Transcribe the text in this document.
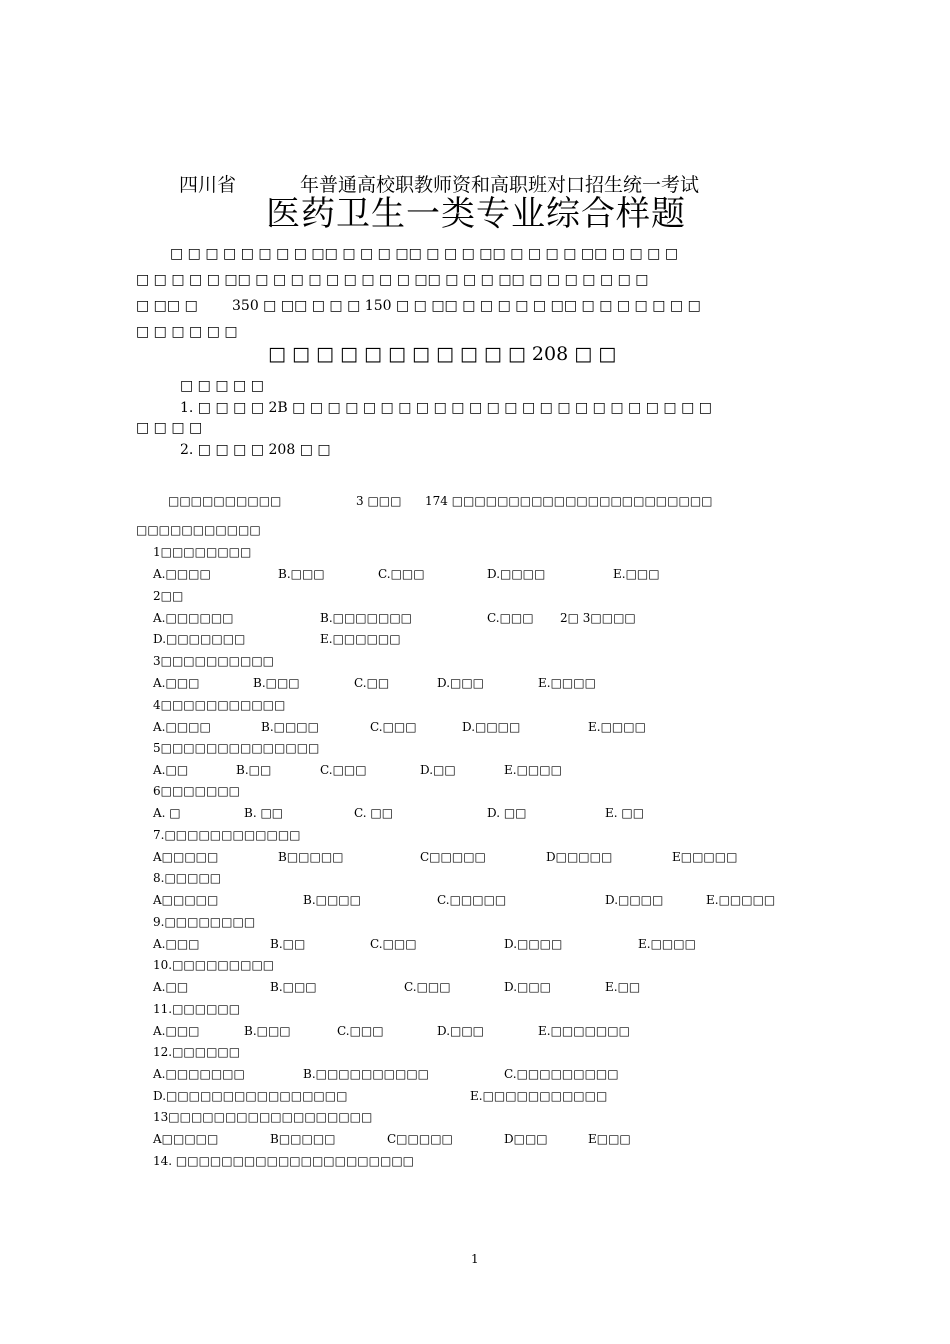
四川省	年普通高校职教师资和高职班对口招生统一考试
医药卫生一类专业综合样题
□ □ □ □ □ □ □ □ □□ □ □ □ □□ □ □ □ □□ □ □ □ □ □□ □ □ □ □
□ □ □ □ □ □□ □ □ □ □ □ □ □ □ □ □□ □ □ □ □□ □ □ □ □ □ □ □
□ □□ □ 350 □ □□ □ □ □ 150 □ □ □□ □ □ □ □ □ □□ □ □ □ □ □ □ □
□ □ □ □ □ □
□ □ □ □ □ □ □ □ □ □ □ 208 □ □
□ □ □ □ □
1. □ □ □ □ 2B □ □ □ □ □ □ □ □ □ □ □ □ □ □ □ □ □ □ □ □ □ □ □ □
□ □ □ □
2. □ □ □ □ 208 □ □
□□□□□□□□□□	3 □□□ 174 □□□□□□□□□□□□□□□□□□□□□□□
□□□□□□□□□□□
1□□□□□□□□
A.□□□□	B.□□□	C.□□□	D.□□□□	E.□□□
2□□
A.□□□□□□	B.□□□□□□□	C.□□□ 2□ 3□□□□
D.□□□□□□□	E.□□□□□□
3□□□□□□□□□□
A.□□□	B.□□□	C.□□	D.□□□	E.□□□□
4□□□□□□□□□□□
A.□□□□	B.□□□□	C.□□□	D.□□□□	E.□□□□
5□□□□□□□□□□□□□□
A.□□	B.□□	C.□□□	D.□□	E.□□□□
6□□□□□□□
A. □	B. □□	C. □□	D. □□	E. □□
7.□□□□□□□□□□□□
A□□□□□	B□□□□□	C□□□□□	D□□□□□	E□□□□□
8.□□□□□
A□□□□□	B.□□□□	C.□□□□□	D.□□□□	E.□□□□□
9.□□□□□□□□
A.□□□	B.□□	C.□□□	D.□□□□	E.□□□□
10.□□□□□□□□□
A.□□	B.□□□	C.□□□	D.□□□	E.□□
11.□□□□□□
A.□□□	B.□□□	C.□□□	D.□□□	E.□□□□□□□
12.□□□□□□
A.□□□□□□□	B.□□□□□□□□□□	C.□□□□□□□□□
D.□□□□□□□□□□□□□□□□	E.□□□□□□□□□□□
13□□□□□□□□□□□□□□□□□□
A□□□□□	B□□□□□	C□□□□□	D□□□	E□□□
14. □□□□□□□□□□□□□□□□□□□□□
1
